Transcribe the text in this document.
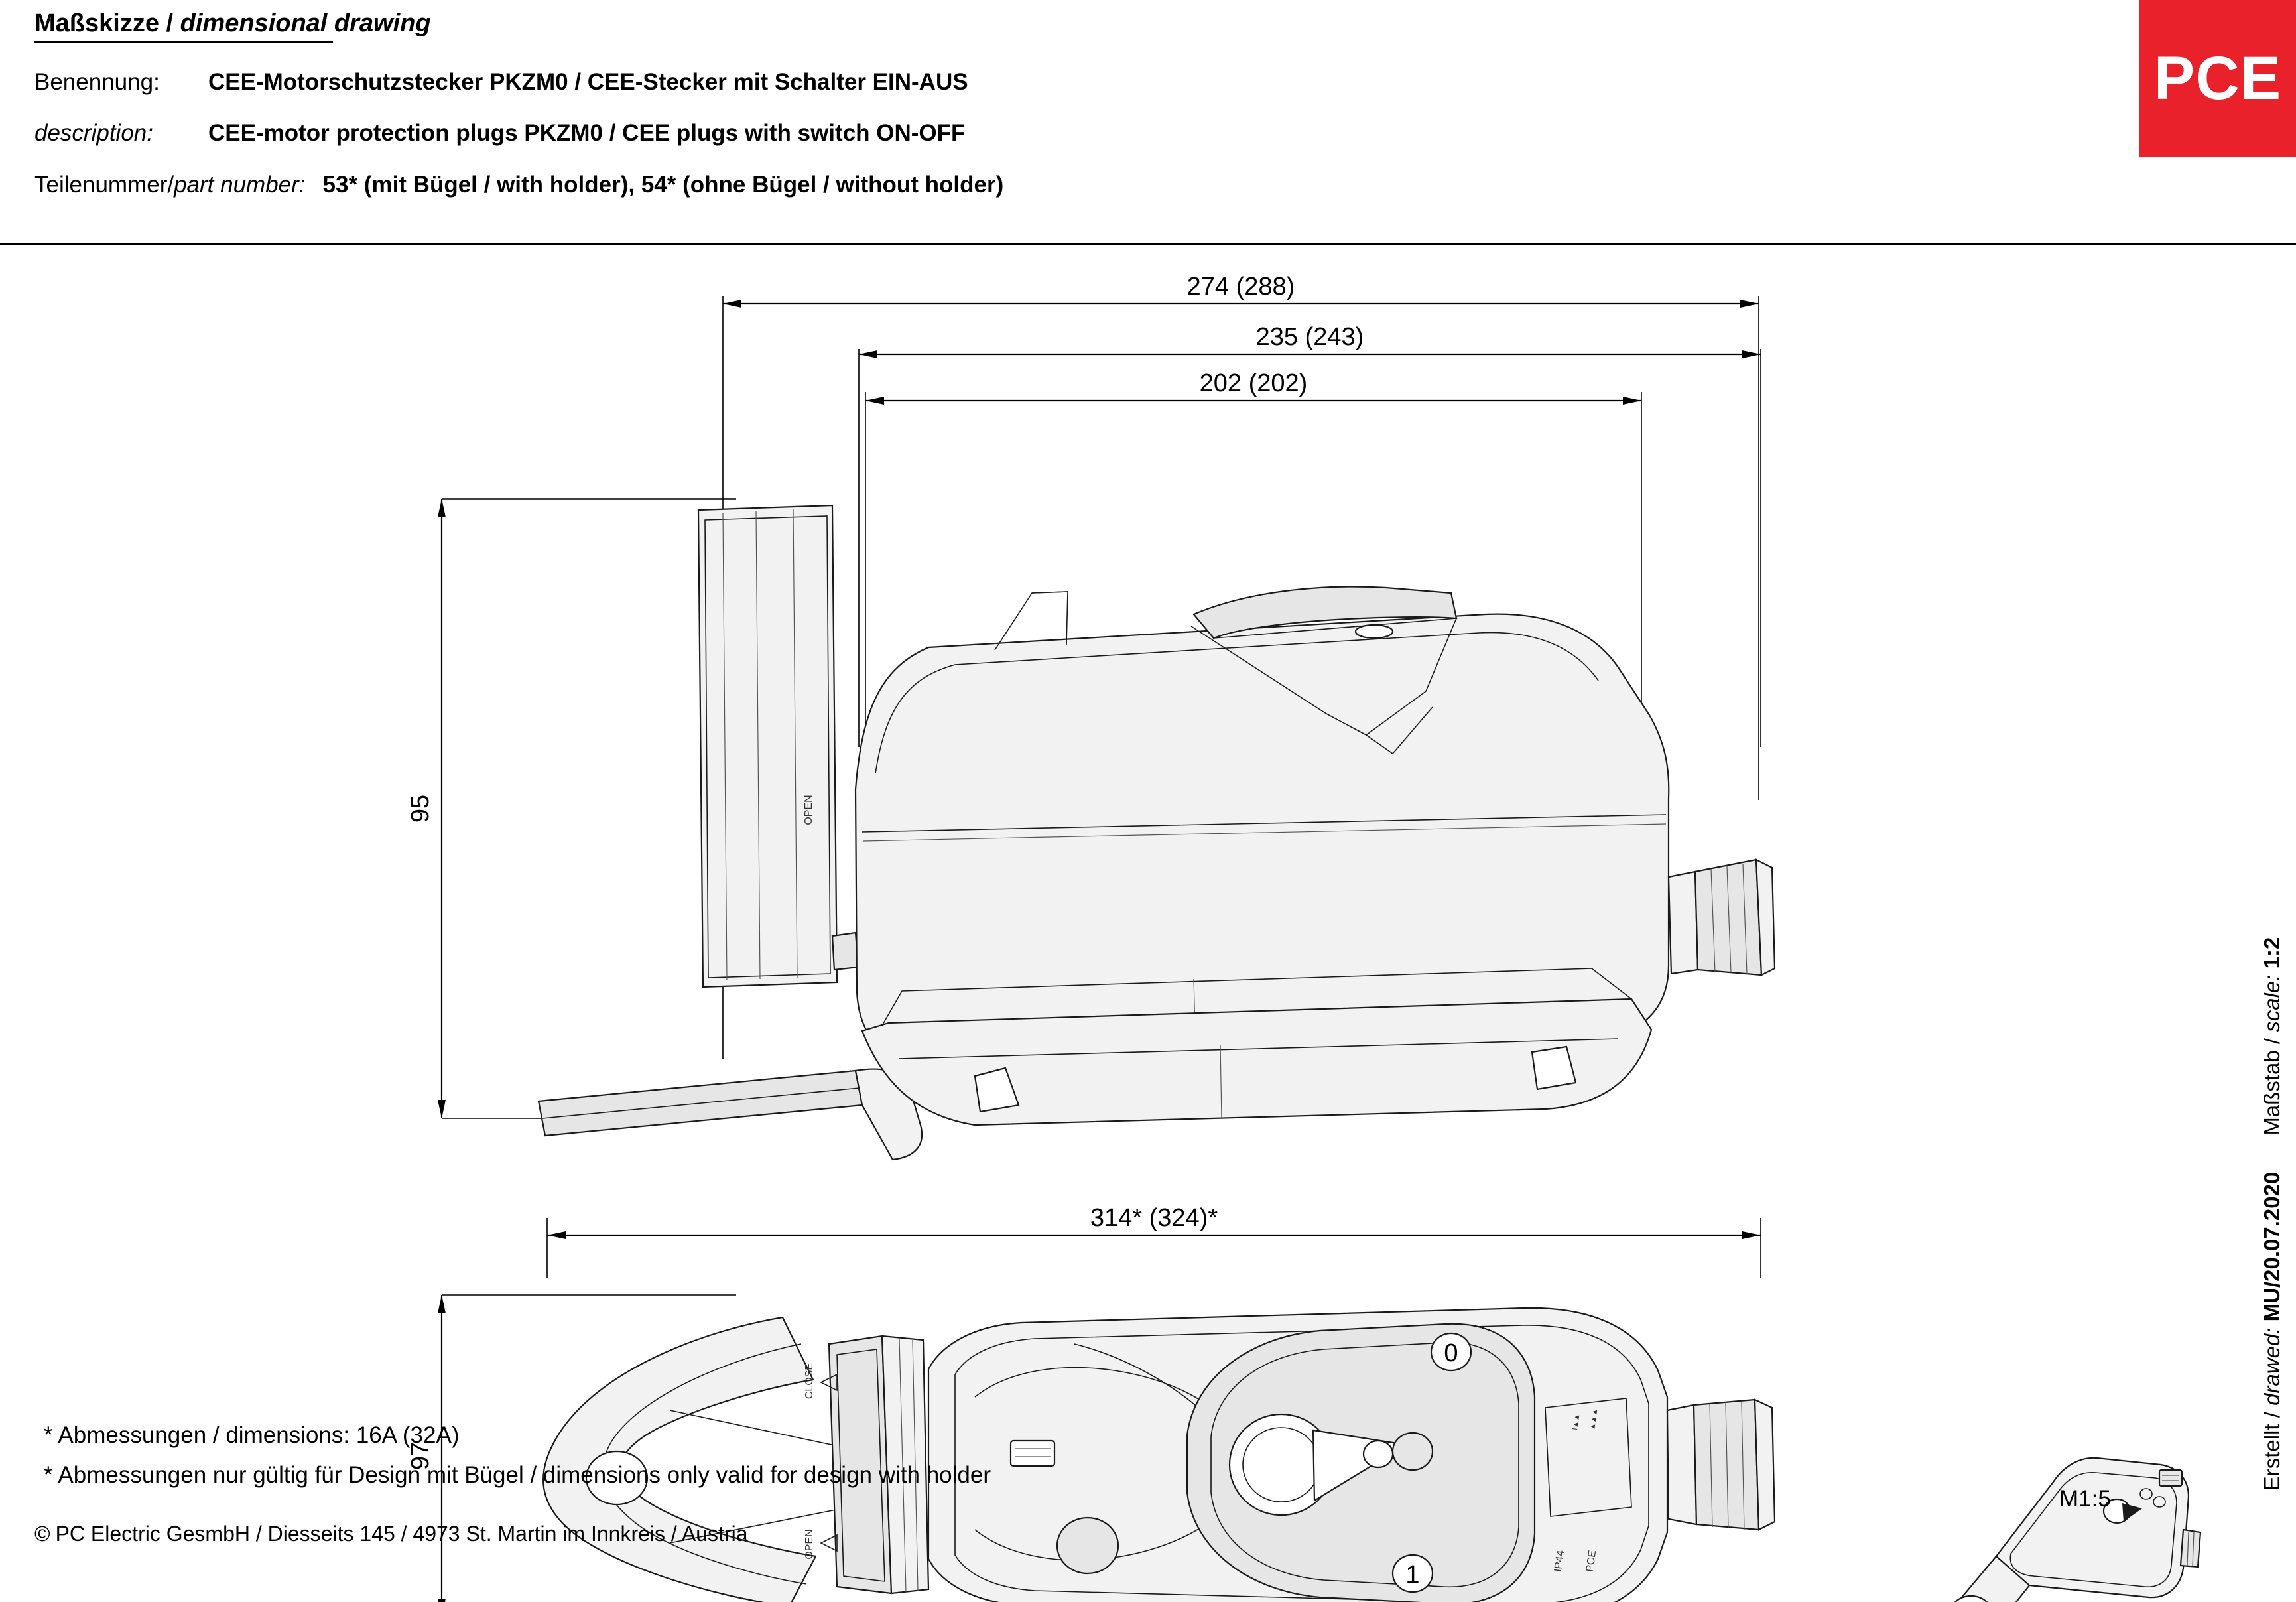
Maßskizze / dimensional drawing
Benennung: CEE-Motorschutzstecker PKZM0 / CEE-Stecker mit Schalter EIN-AUS
description: CEE-motor protection plugs PKZM0 / CEE plugs with switch ON-OFF
Teilenummer/part number: 53* (mit Bügel / with holder), 54* (ohne Bügel / without holder)
PCE
274 (288)
235 (243)
202 (202)
95	OPEN
314* (324)*
97
CLOSE
OPEN
0
1
I▲▲ ▲▲▲
PCE
IP44
M1:5
Erstellt / drawed: MU/20.07.2020      Maßstab / scale: 1:2
* Abmessungen / dimensions: 16A (32A)
* Abmessungen nur gültig für Design mit Bügel / dimensions only valid for design with holder
© PC Electric GesmbH / Diesseits 145 / 4973 St. Martin im Innkreis / Austria
